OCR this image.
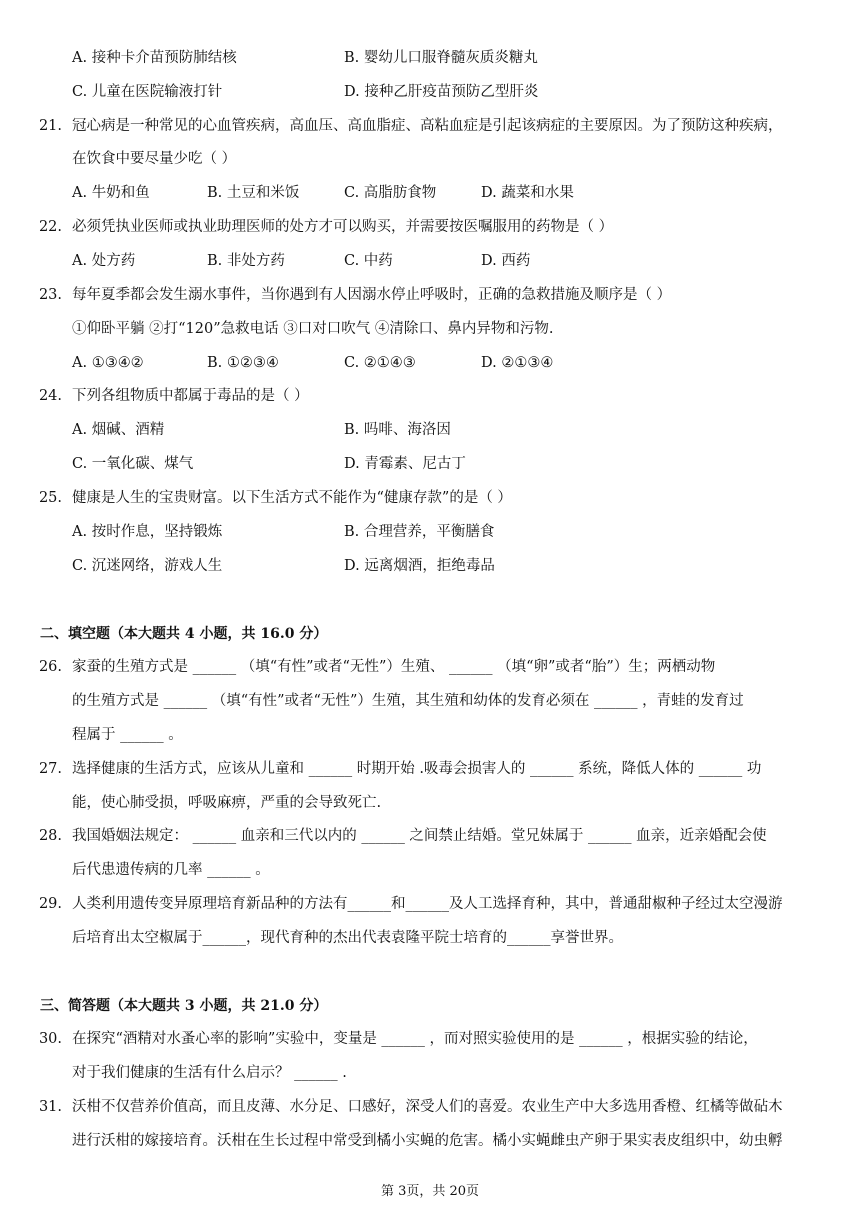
A. 接种卡介苗预防肺结核	B. 婴幼儿口服脊髓灰质炎糖丸
C. 儿童在医院输液打针	D. 接种乙肝疫苗预防乙型肝炎
21. 冠心病是一种常见的心血管疾病，高血压、高血脂症、高粘血症是引起该病症的主要原因。为了预防这种疾病，
在饮食中要尽量少吃（ ）
A. 牛奶和鱼	B. 土豆和米饭	C. 高脂肪食物	D. 蔬菜和水果
22. 必须凭执业医师或执业助理医师的处方才可以购买，并需要按医嘱服用的药物是（ ）
A. 处方药	B. 非处方药	C. 中药	D. 西药
23. 每年夏季都会发生溺水事件，当你遇到有人因溺水停止呼吸时，正确的急救措施及顺序是（ ）
①仰卧平躺 ②打“120”急救电话 ③口对口吹气 ④清除口、鼻内异物和污物.
A. ①③④②	B. ①②③④	C. ②①④③	D. ②①③④
24. 下列各组物质中都属于毒品的是（ ）
A. 烟碱、酒精	B. 吗啡、海洛因
C. 一氧化碳、煤气	D. 青霉素、尼古丁
25. 健康是人生的宝贵财富。以下生活方式不能作为“健康存款”的是（ ）
A. 按时作息，坚持锻炼	B. 合理营养，平衡膳食
C. 沉迷网络，游戏人生	D. 远离烟酒，拒绝毒品
二、填空题（本大题共 4 小题，共 16.0 分）
26. 家蚕的生殖方式是 ______ （填“有性”或者“无性”）生殖、 ______ （填“卵”或者“胎”）生；两栖动物
的生殖方式是 ______ （填“有性”或者“无性”）生殖，其生殖和幼体的发育必须在 ______ ，青蛙的发育过
程属于 ______ 。
27. 选择健康的生活方式，应该从儿童和 ______ 时期开始 .吸毒会损害人的 ______ 系统，降低人体的 ______ 功
能，使心肺受损，呼吸麻痹，严重的会导致死亡.
28. 我国婚姻法规定： ______ 血亲和三代以内的 ______ 之间禁止结婚。堂兄妹属于 ______ 血亲，近亲婚配会使
后代患遗传病的几率 ______ 。
29. 人类利用遗传变异原理培育新品种的方法有______和______及人工选择育种，其中，普通甜椒种子经过太空漫游
后培育出太空椒属于______，现代育种的杰出代表袁隆平院士培育的______享誉世界。
三、简答题（本大题共 3 小题，共 21.0 分）
30. 在探究“酒精对水蚤心率的影响”实验中，变量是 ______ ，而对照实验使用的是 ______ ，根据实验的结论，
对于我们健康的生活有什么启示？ ______ .
31. 沃柑不仅营养价值高，而且皮薄、水分足、口感好，深受人们的喜爱。农业生产中大多选用香橙、红橘等做砧木
进行沃柑的嫁接培育。沃柑在生长过程中常受到橘小实蝇的危害。橘小实蝇雌虫产卵于果实表皮组织中，幼虫孵
第 3页，共 20页
